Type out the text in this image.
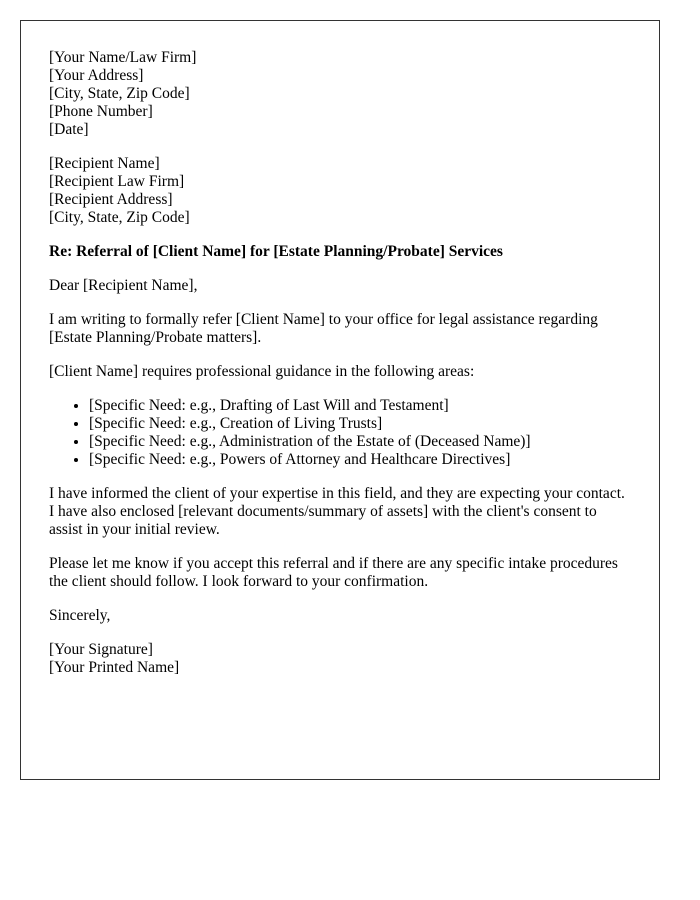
[Your Name/Law Firm]
[Your Address]
[City, State, Zip Code]
[Phone Number]
[Date]
[Recipient Name]
[Recipient Law Firm]
[Recipient Address]
[City, State, Zip Code]

Re: Referral of [Client Name] for [Estate Planning/Probate] Services

Dear [Recipient Name],

I am writing to formally refer [Client Name] to your office for legal assistance regarding [Estate Planning/Probate matters].

[Client Name] requires professional guidance in the following areas:

• [Specific Need: e.g., Drafting of Last Will and Testament]
• [Specific Need: e.g., Creation of Living Trusts]
• [Specific Need: e.g., Administration of the Estate of (Deceased Name)]
• [Specific Need: e.g., Powers of Attorney and Healthcare Directives]

I have informed the client of your expertise in this field, and they are expecting your contact. I have also enclosed [relevant documents/summary of assets] with the client's consent to assist in your initial review.

Please let me know if you accept this referral and if there are any specific intake procedures the client should follow. I look forward to your confirmation.

Sincerely,

[Your Signature]
[Your Printed Name]
